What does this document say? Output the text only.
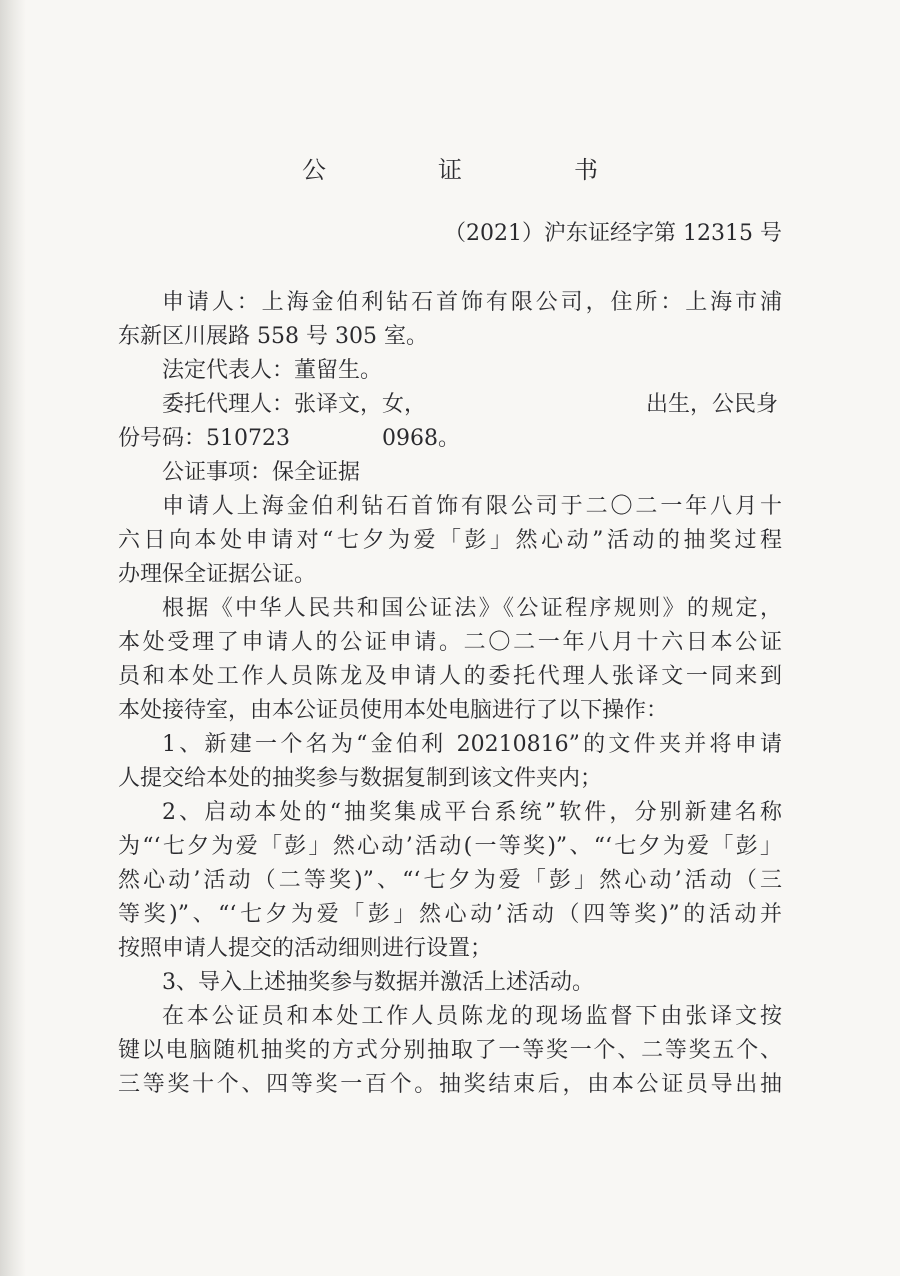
公　证　书
（2021）沪东证经字第 12315 号
申请人：上海金伯利钻石首饰有限公司，住所：上海市浦
东新区川展路 558 号 305 室。
法定代表人：董留生。
委托代理人：张译文，女，	出生，公民身
份号码：510723	0968。
公证事项：保全证据
申请人上海金伯利钻石首饰有限公司于二〇二一年八月十
六日向本处申请对“七夕为爱「彭」然心动”活动的抽奖过程
办理保全证据公证。
根据《中华人民共和国公证法》《公证程序规则》的规定，
本处受理了申请人的公证申请。二〇二一年八月十六日本公证
员和本处工作人员陈龙及申请人的委托代理人张译文一同来到
本处接待室，由本公证员使用本处电脑进行了以下操作：
1、新建一个名为“金伯利 20210816”的文件夹并将申请
人提交给本处的抽奖参与数据复制到该文件夹内；
2、启动本处的“抽奖集成平台系统”软件，分别新建名称
为“‘七夕为爱「彭」然心动’活动(一等奖)”、“‘七夕为爱「彭」
然心动’活动（二等奖)”、“‘七夕为爱「彭」然心动’活动（三
等奖)”、“‘七夕为爱「彭」然心动’活动（四等奖)”的活动并
按照申请人提交的活动细则进行设置；
3、导入上述抽奖参与数据并激活上述活动。
在本公证员和本处工作人员陈龙的现场监督下由张译文按
键以电脑随机抽奖的方式分别抽取了一等奖一个、二等奖五个、
三等奖十个、四等奖一百个。抽奖结束后，由本公证员导出抽
